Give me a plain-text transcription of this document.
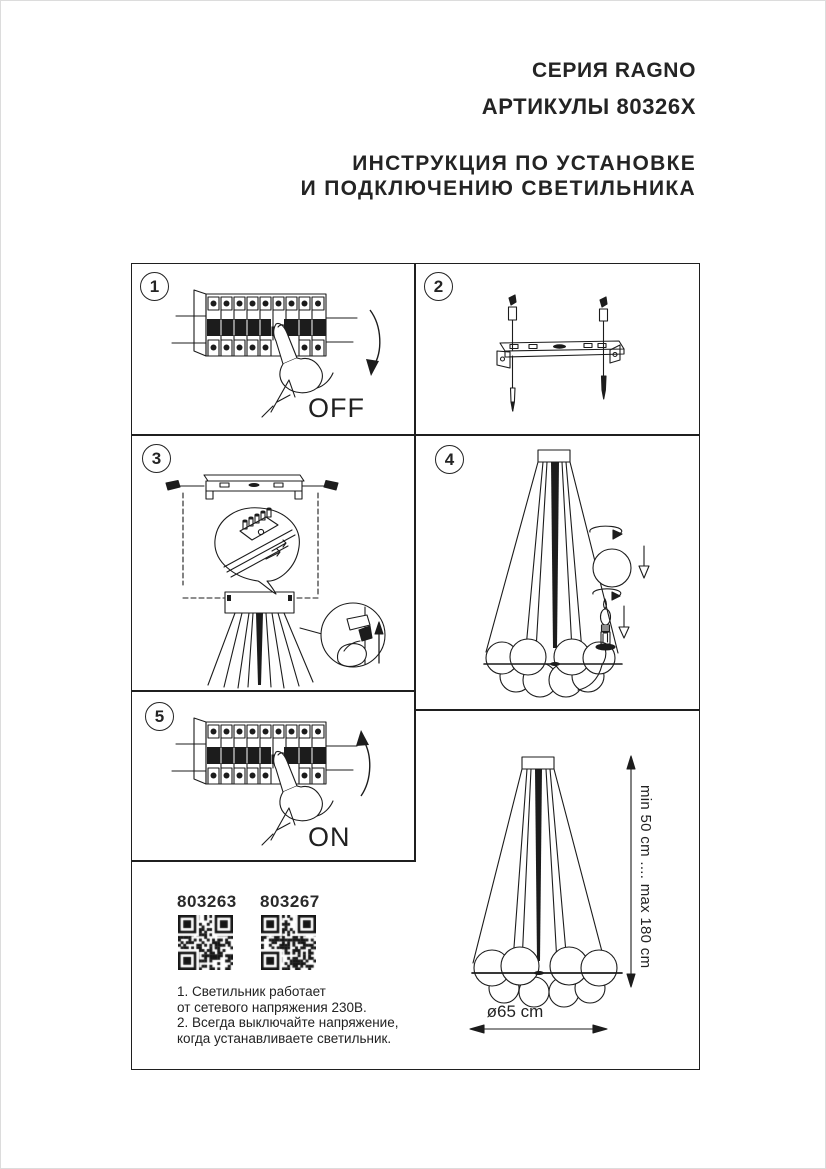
СЕРИЯ RAGNO
АРТИКУЛЫ 80326X
ИНСТРУКЦИЯ ПО УСТАНОВКЕ
И ПОДКЛЮЧЕНИЮ СВЕТИЛЬНИКА
1	2
3	4
5
OFF
ON	min 50 cm .... max 180 cm
ø65 cm
803263 803267
1. Светильник работает
от сетевого напряжения 230В.
2. Всегда выключайте напряжение,
когда устанавливаете светильник.
